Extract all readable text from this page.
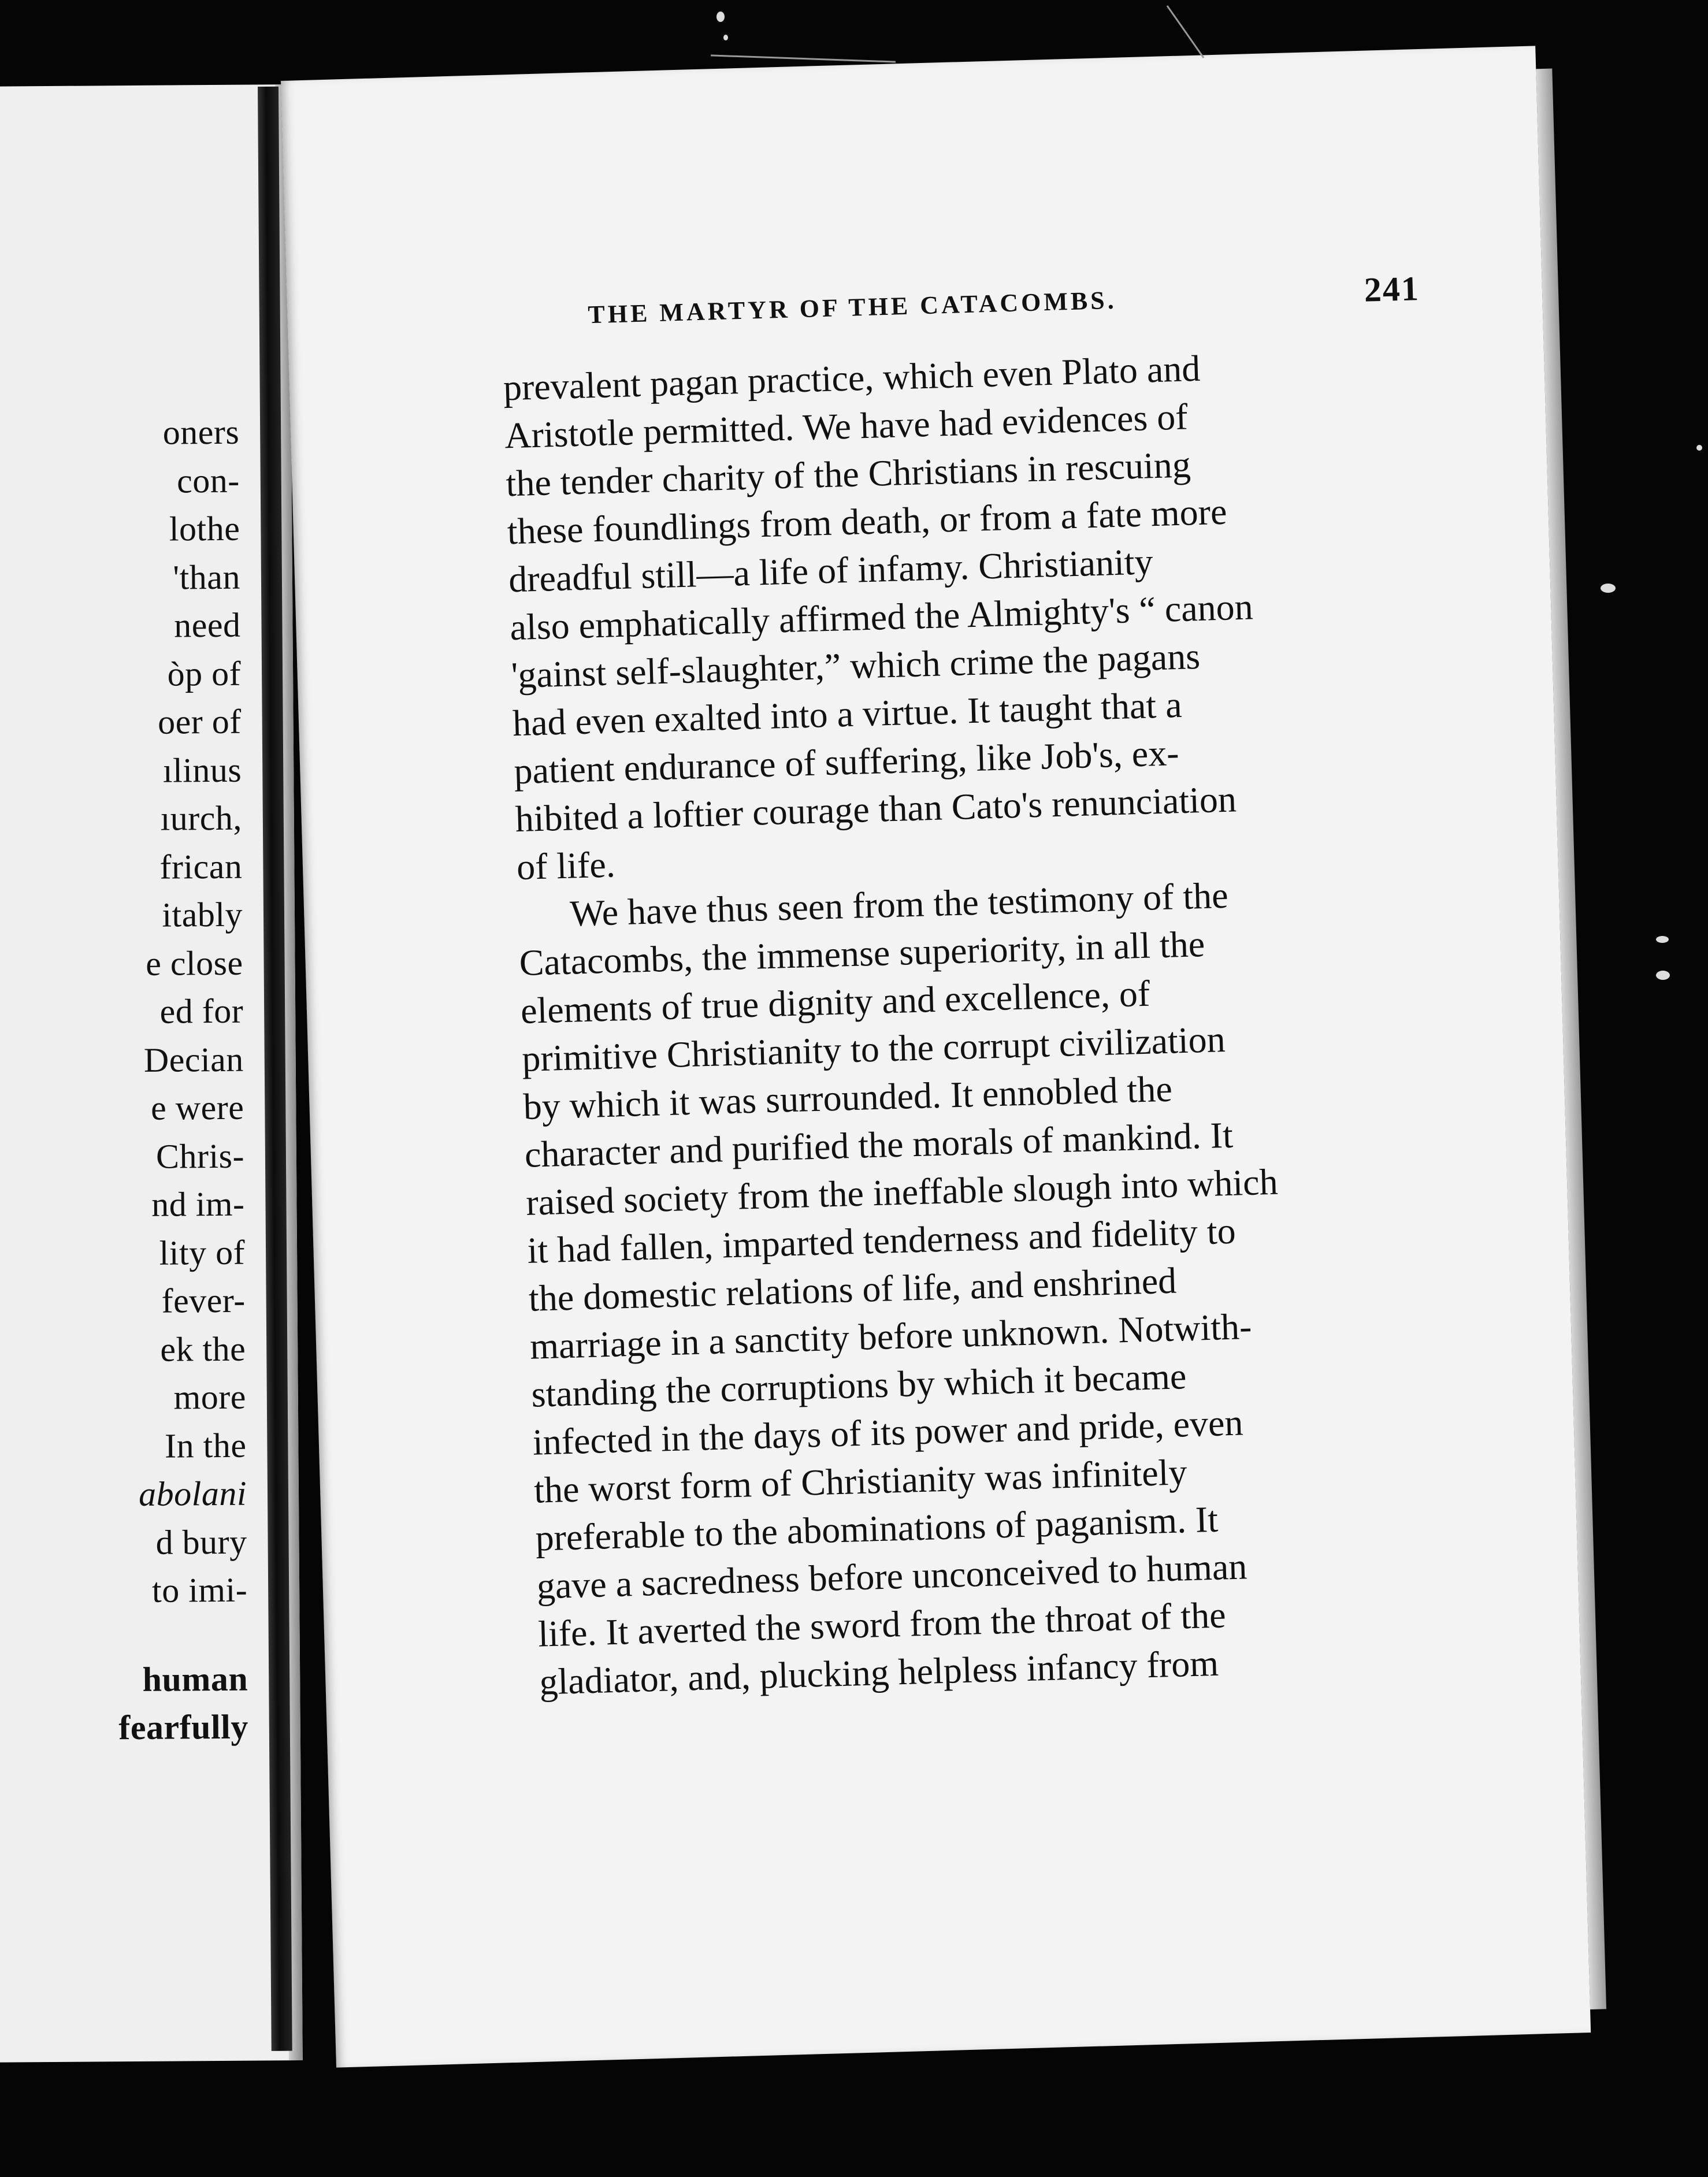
oners
con-
lothe
'than
need
òp of
oer of
ılinus
ıurch,
frican
itably
e close
ed for
Decian
e were
Chris-
nd im-
lity of
fever-
ek the
more
In the
abolani
d bury
to imi-
human
fearfully
THE MARTYR OF THE CATACOMBS.	241
prevalent pagan practice, which even Plato and
Aristotle permitted. We have had evidences of
the tender charity of the Christians in rescuing
these foundlings from death, or from a fate more
dreadful still—a life of infamy. Christianity
also emphatically affirmed the Almighty's “ canon
'gainst self-slaughter,” which crime the pagans
had even exalted into a virtue. It taught that a
patient endurance of suffering, like Job's, ex-
hibited a loftier courage than Cato's renunciation
of life.
We have thus seen from the testimony of the
Catacombs, the immense superiority, in all the
elements of true dignity and excellence, of
primitive Christianity to the corrupt civilization
by which it was surrounded. It ennobled the
character and purified the morals of mankind. It
raised society from the ineffable slough into which
it had fallen, imparted tenderness and fidelity to
the domestic relations of life, and enshrined
marriage in a sanctity before unknown. Notwith-
standing the corruptions by which it became
infected in the days of its power and pride, even
the worst form of Christianity was infinitely
preferable to the abominations of paganism. It
gave a sacredness before unconceived to human
life. It averted the sword from the throat of the
gladiator, and, plucking helpless infancy from
